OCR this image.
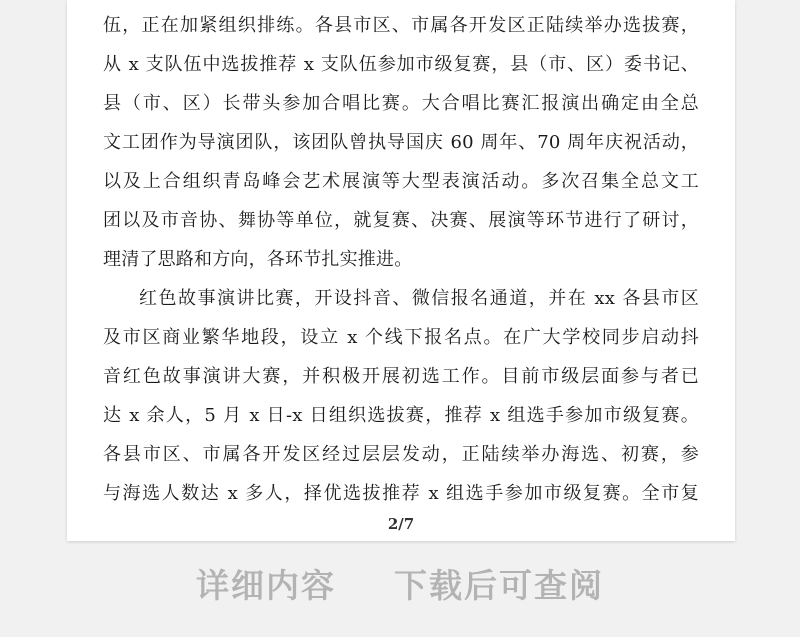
伍，正在加紧组织排练。各县市区、市属各开发区正陆续举办选拔赛，
从 x 支队伍中选拔推荐 x 支队伍参加市级复赛，县（市、区）委书记、
县（市、区）长带头参加合唱比赛。大合唱比赛汇报演出确定由全总
文工团作为导演团队，该团队曾执导国庆 60 周年、70 周年庆祝活动，
以及上合组织青岛峰会艺术展演等大型表演活动。多次召集全总文工
团以及市音协、舞协等单位，就复赛、决赛、展演等环节进行了研讨，
理清了思路和方向，各环节扎实推进。
红色故事演讲比赛，开设抖音、微信报名通道，并在 xx 各县市区
及市区商业繁华地段，设立 x 个线下报名点。在广大学校同步启动抖
音红色故事演讲大赛，并积极开展初选工作。目前市级层面参与者已
达 x 余人，5 月 x 日-x 日组织选拔赛，推荐 x 组选手参加市级复赛。
各县市区、市属各开发区经过层层发动，正陆续举办海选、初赛，参
与海选人数达 x 多人，择优选拔推荐 x 组选手参加市级复赛。全市复
2/7
详细内容 下载后可查阅
